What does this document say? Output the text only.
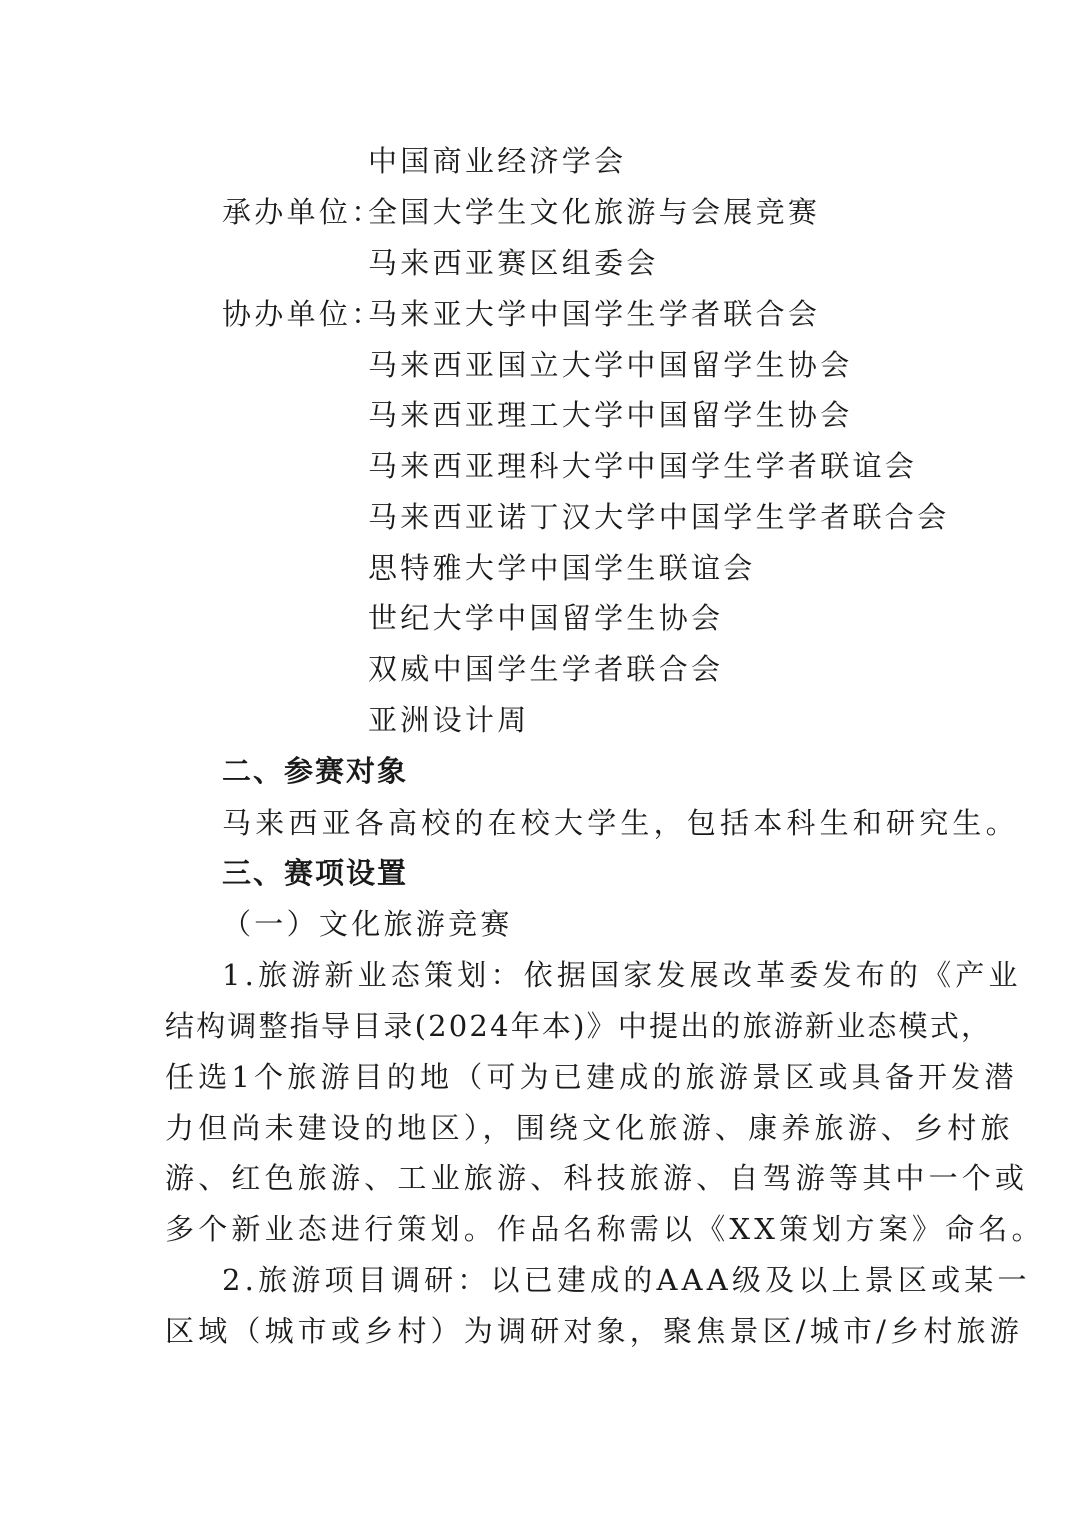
中国商业经济学会
承办单位：
全国大学生文化旅游与会展竞赛
马来西亚赛区组委会
协办单位：
马来亚大学中国学生学者联合会
马来西亚国立大学中国留学生协会
马来西亚理工大学中国留学生协会
马来西亚理科大学中国学生学者联谊会
马来西亚诺丁汉大学中国学生学者联合会
思特雅大学中国学生联谊会
世纪大学中国留学生协会
双威中国学生学者联合会
亚洲设计周
二、参赛对象
马来西亚各高校的在校大学生，包括本科生和研究生。
三、赛项设置
（一）文化旅游竞赛
1.旅游新业态策划：依据国家发展改革委发布的《产业
结构调整指导目录(2024年本)》中提出的旅游新业态模式，
任选1个旅游目的地（可为已建成的旅游景区或具备开发潜
力但尚未建设的地区），围绕文化旅游、康养旅游、乡村旅
游、红色旅游、工业旅游、科技旅游、自驾游等其中一个或
多个新业态进行策划。作品名称需以《XX策划方案》命名。
2.旅游项目调研：以已建成的AAA级及以上景区或某一
区域（城市或乡村）为调研对象，聚焦景区/城市/乡村旅游
